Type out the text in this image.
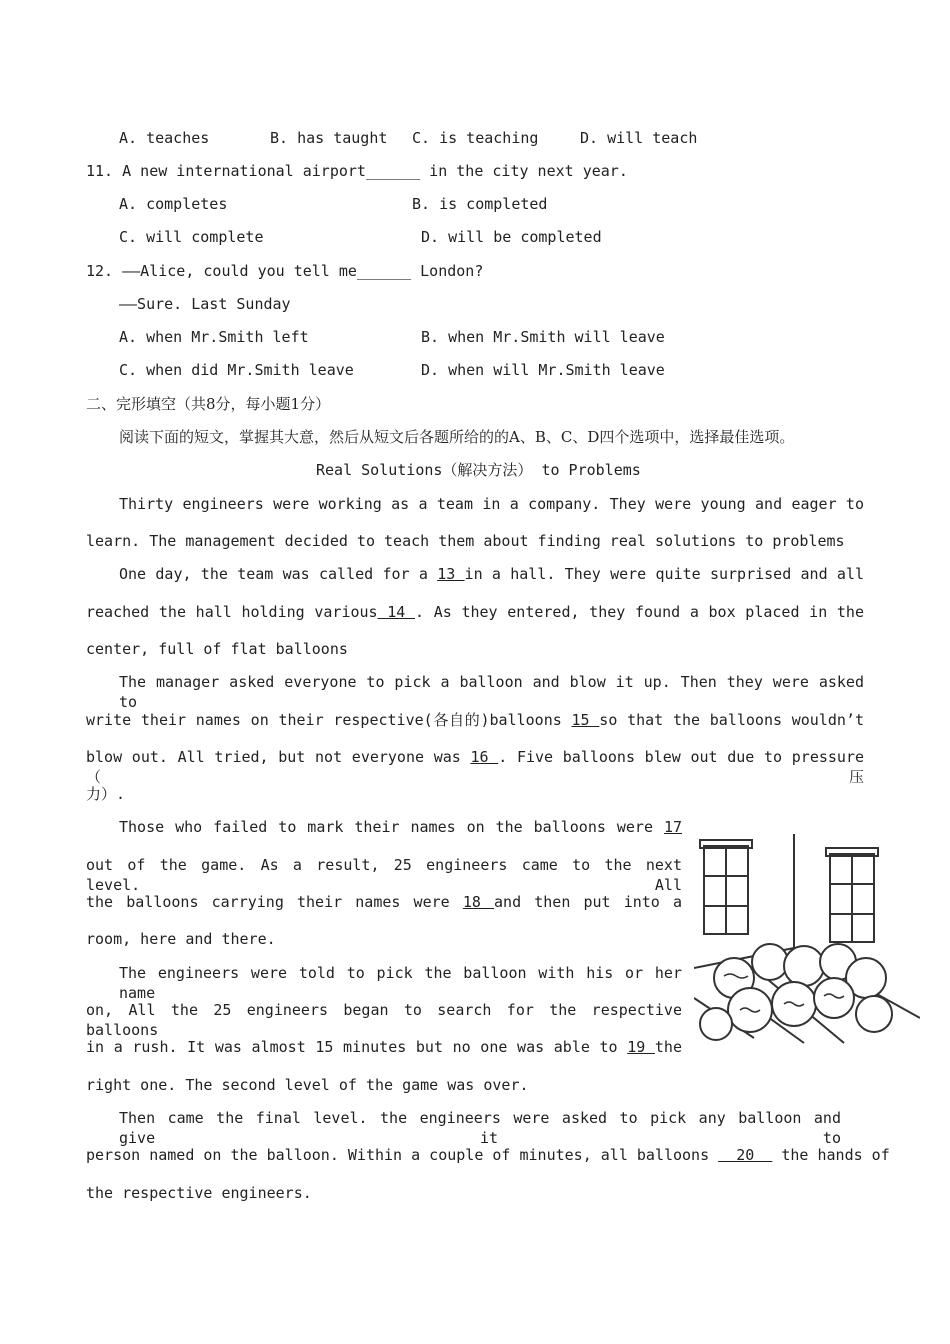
A. teaches	B. has taught C. is teaching	D. will teach
11. A new international airport______ in the city next year.
A. completes	B. is completed
C. will complete	D. will be completed
12. ——Alice, could you tell me______ London?
——Sure. Last Sunday
A. when Mr.Smith left	B. when Mr.Smith will leave
C. when did Mr.Smith leave	D. when will Mr.Smith leave
二、完形填空（共8分，每小题1分）
阅读下面的短文，掌握其大意，然后从短文后各题所给的的A、B、C、D四个选项中，选择最佳选项。
Real Solutions（解决方法） to Problems
Thirty engineers were working as a team in a company. They were young and eager to
learn. The management decided to teach them about finding real solutions to problems
One day, the team was called for a 13 in a hall. They were quite surprised and all
reached the hall holding various 14 . As they entered, they found a box placed in the
center, full of flat balloons
The manager asked everyone to pick a balloon and blow it up. Then they were asked to
write their names on their respective(各自的)balloons 15 so that the balloons wouldn’t
blow out. All tried, but not everyone was 16 . Five balloons blew out due to pressure（压
力）.
Those who failed to mark their names on the balloons were 17
out of the game. As a result, 25 engineers came to the next level. All
the balloons carrying their names were 18 and then put into a
room, here and there.
The engineers were told to pick the balloon with his or her name
on, All the 25 engineers began to search for the respective balloons
in a rush. It was almost 15 minutes but no one was able to 19 the
right one. The second level of the game was over.
Then came the final level. the engineers were asked to pick any balloon and give it to
person named on the balloon. Within a couple of minutes, all balloons   20   the hands of
the respective engineers.
